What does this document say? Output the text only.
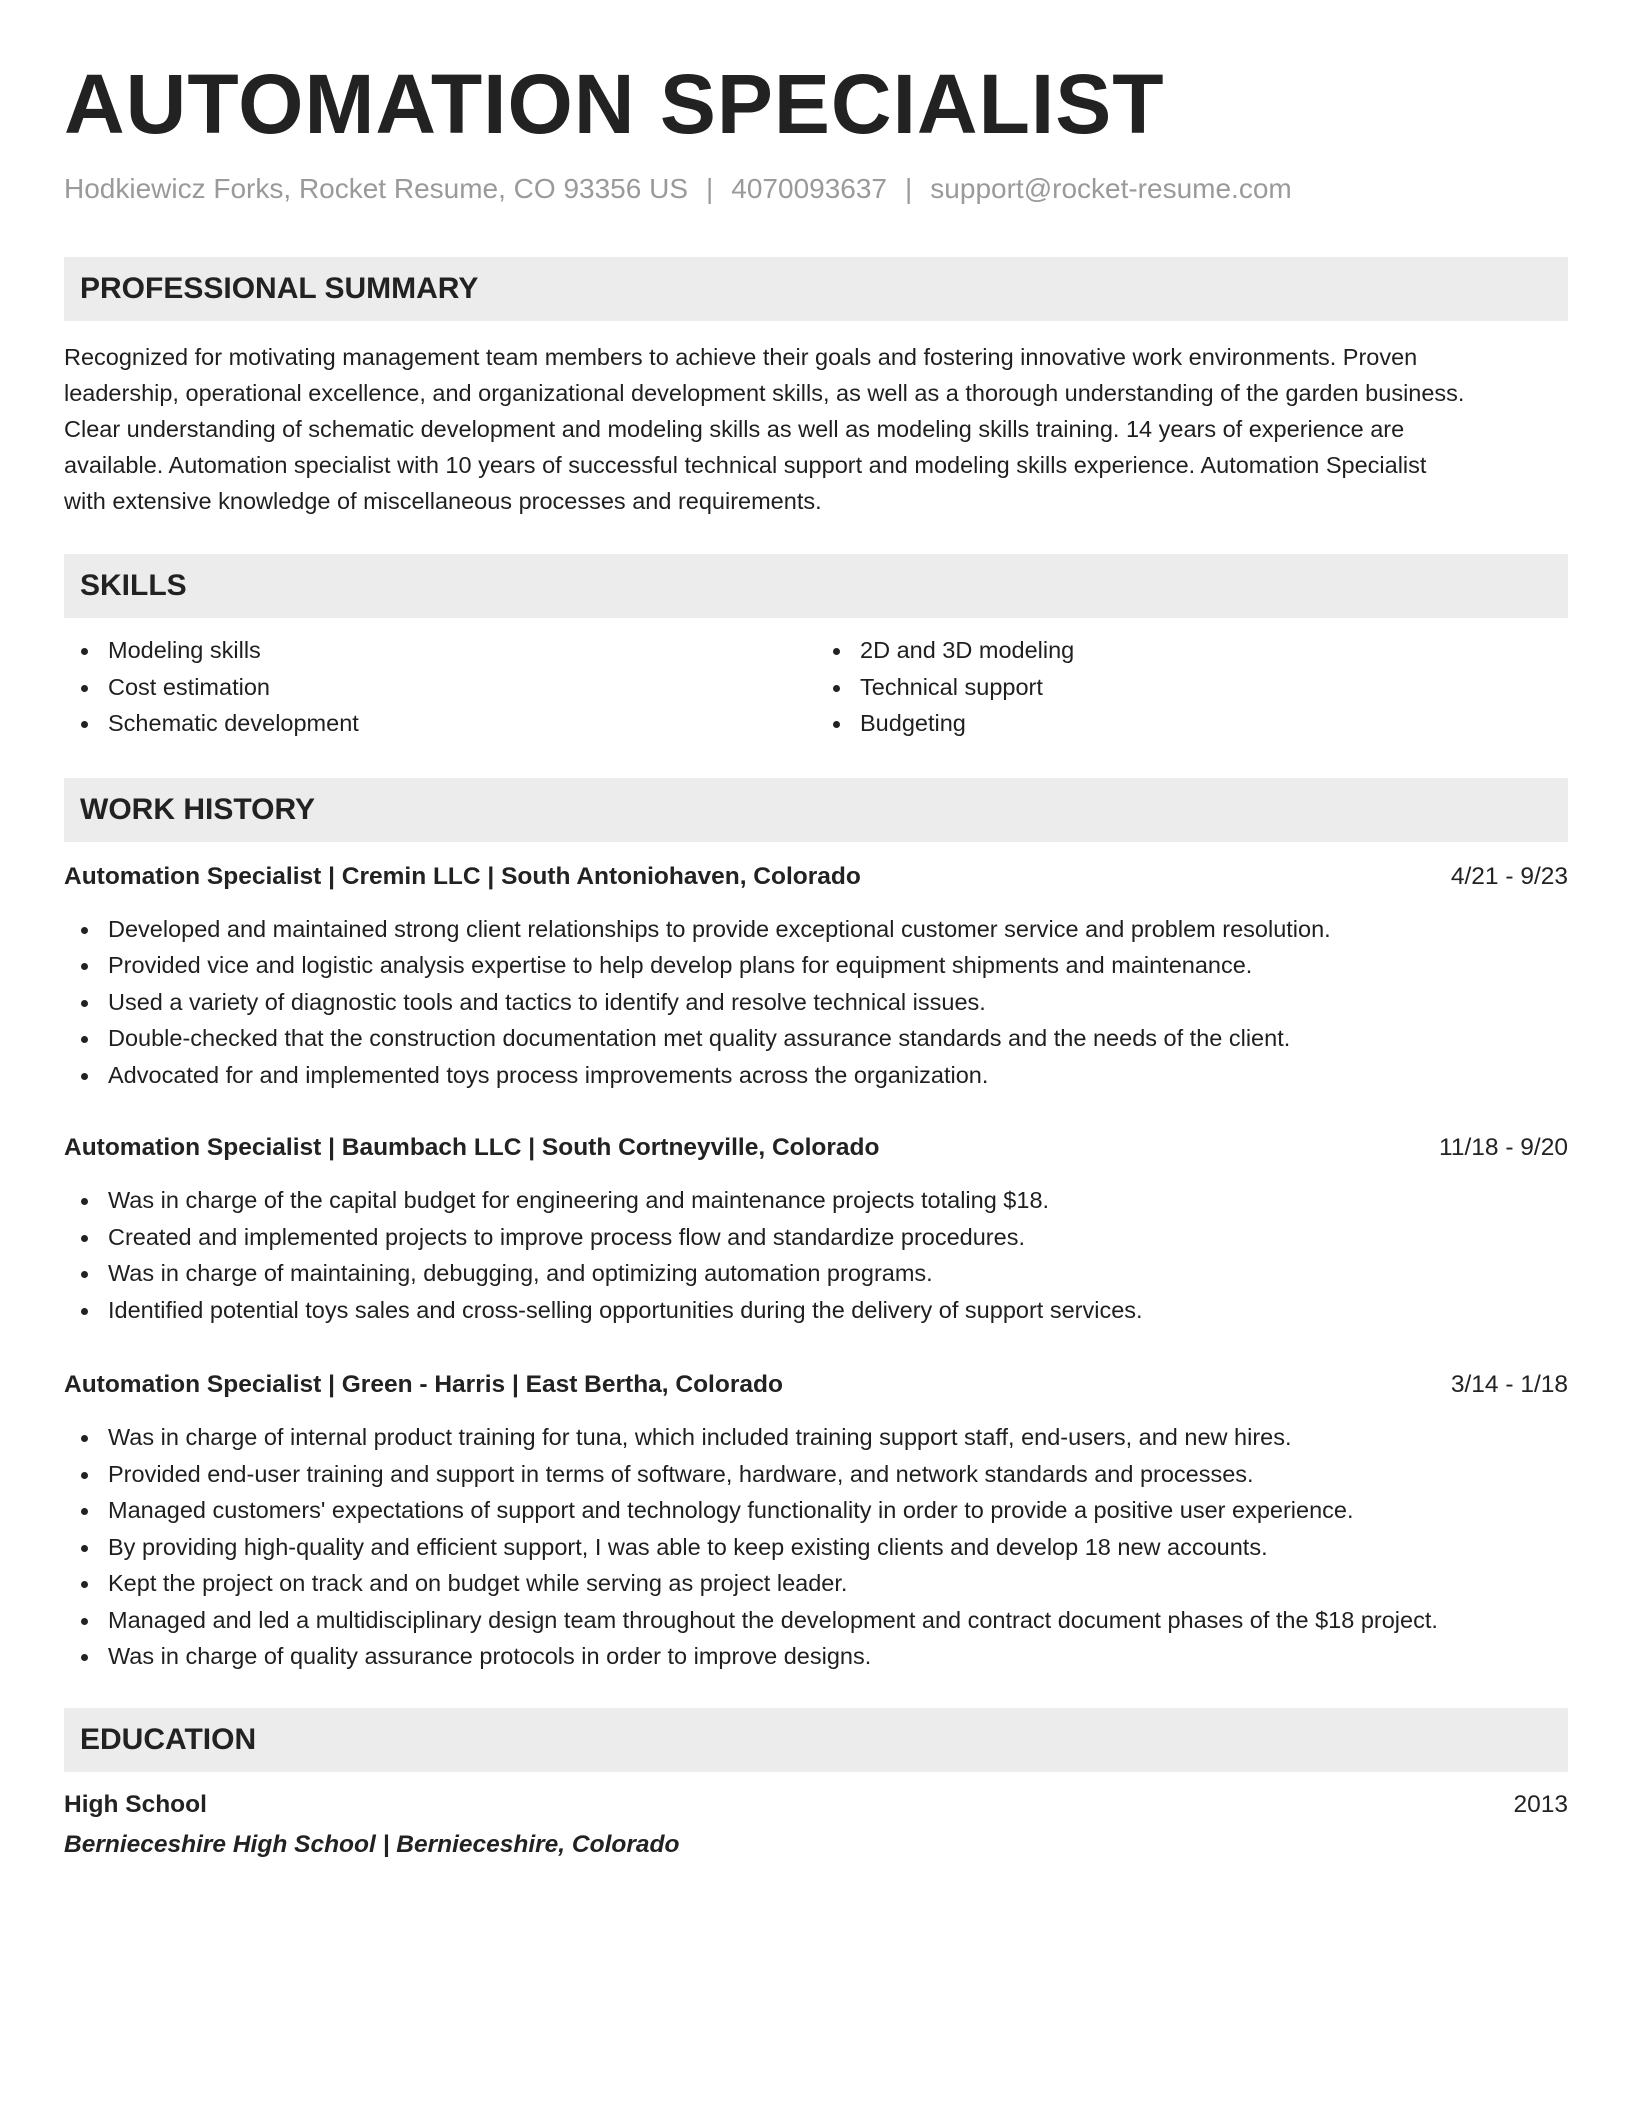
AUTOMATION SPECIALIST
Hodkiewicz Forks, Rocket Resume, CO 93356 US | 4070093637 | support@rocket-resume.com
PROFESSIONAL SUMMARY
Recognized for motivating management team members to achieve their goals and fostering innovative work environments. Proven
leadership, operational excellence, and organizational development skills, as well as a thorough understanding of the garden business.
Clear understanding of schematic development and modeling skills as well as modeling skills training. 14 years of experience are
available. Automation specialist with 10 years of successful technical support and modeling skills experience. Automation Specialist
with extensive knowledge of miscellaneous processes and requirements.
SKILLS
Modeling skills
Cost estimation
Schematic development
2D and 3D modeling
Technical support
Budgeting
WORK HISTORY
Automation Specialist | Cremin LLC | South Antoniohaven, Colorado	4/21 - 9/23
Developed and maintained strong client relationships to provide exceptional customer service and problem resolution.
Provided vice and logistic analysis expertise to help develop plans for equipment shipments and maintenance.
Used a variety of diagnostic tools and tactics to identify and resolve technical issues.
Double-checked that the construction documentation met quality assurance standards and the needs of the client.
Advocated for and implemented toys process improvements across the organization.
Automation Specialist | Baumbach LLC | South Cortneyville, Colorado	11/18 - 9/20
Was in charge of the capital budget for engineering and maintenance projects totaling $18.
Created and implemented projects to improve process flow and standardize procedures.
Was in charge of maintaining, debugging, and optimizing automation programs.
Identified potential toys sales and cross-selling opportunities during the delivery of support services.
Automation Specialist | Green - Harris | East Bertha, Colorado	3/14 - 1/18
Was in charge of internal product training for tuna, which included training support staff, end-users, and new hires.
Provided end-user training and support in terms of software, hardware, and network standards and processes.
Managed customers' expectations of support and technology functionality in order to provide a positive user experience.
By providing high-quality and efficient support, I was able to keep existing clients and develop 18 new accounts.
Kept the project on track and on budget while serving as project leader.
Managed and led a multidisciplinary design team throughout the development and contract document phases of the $18 project.
Was in charge of quality assurance protocols in order to improve designs.
EDUCATION
High School	2013
Bernieceshire High School | Bernieceshire, Colorado
